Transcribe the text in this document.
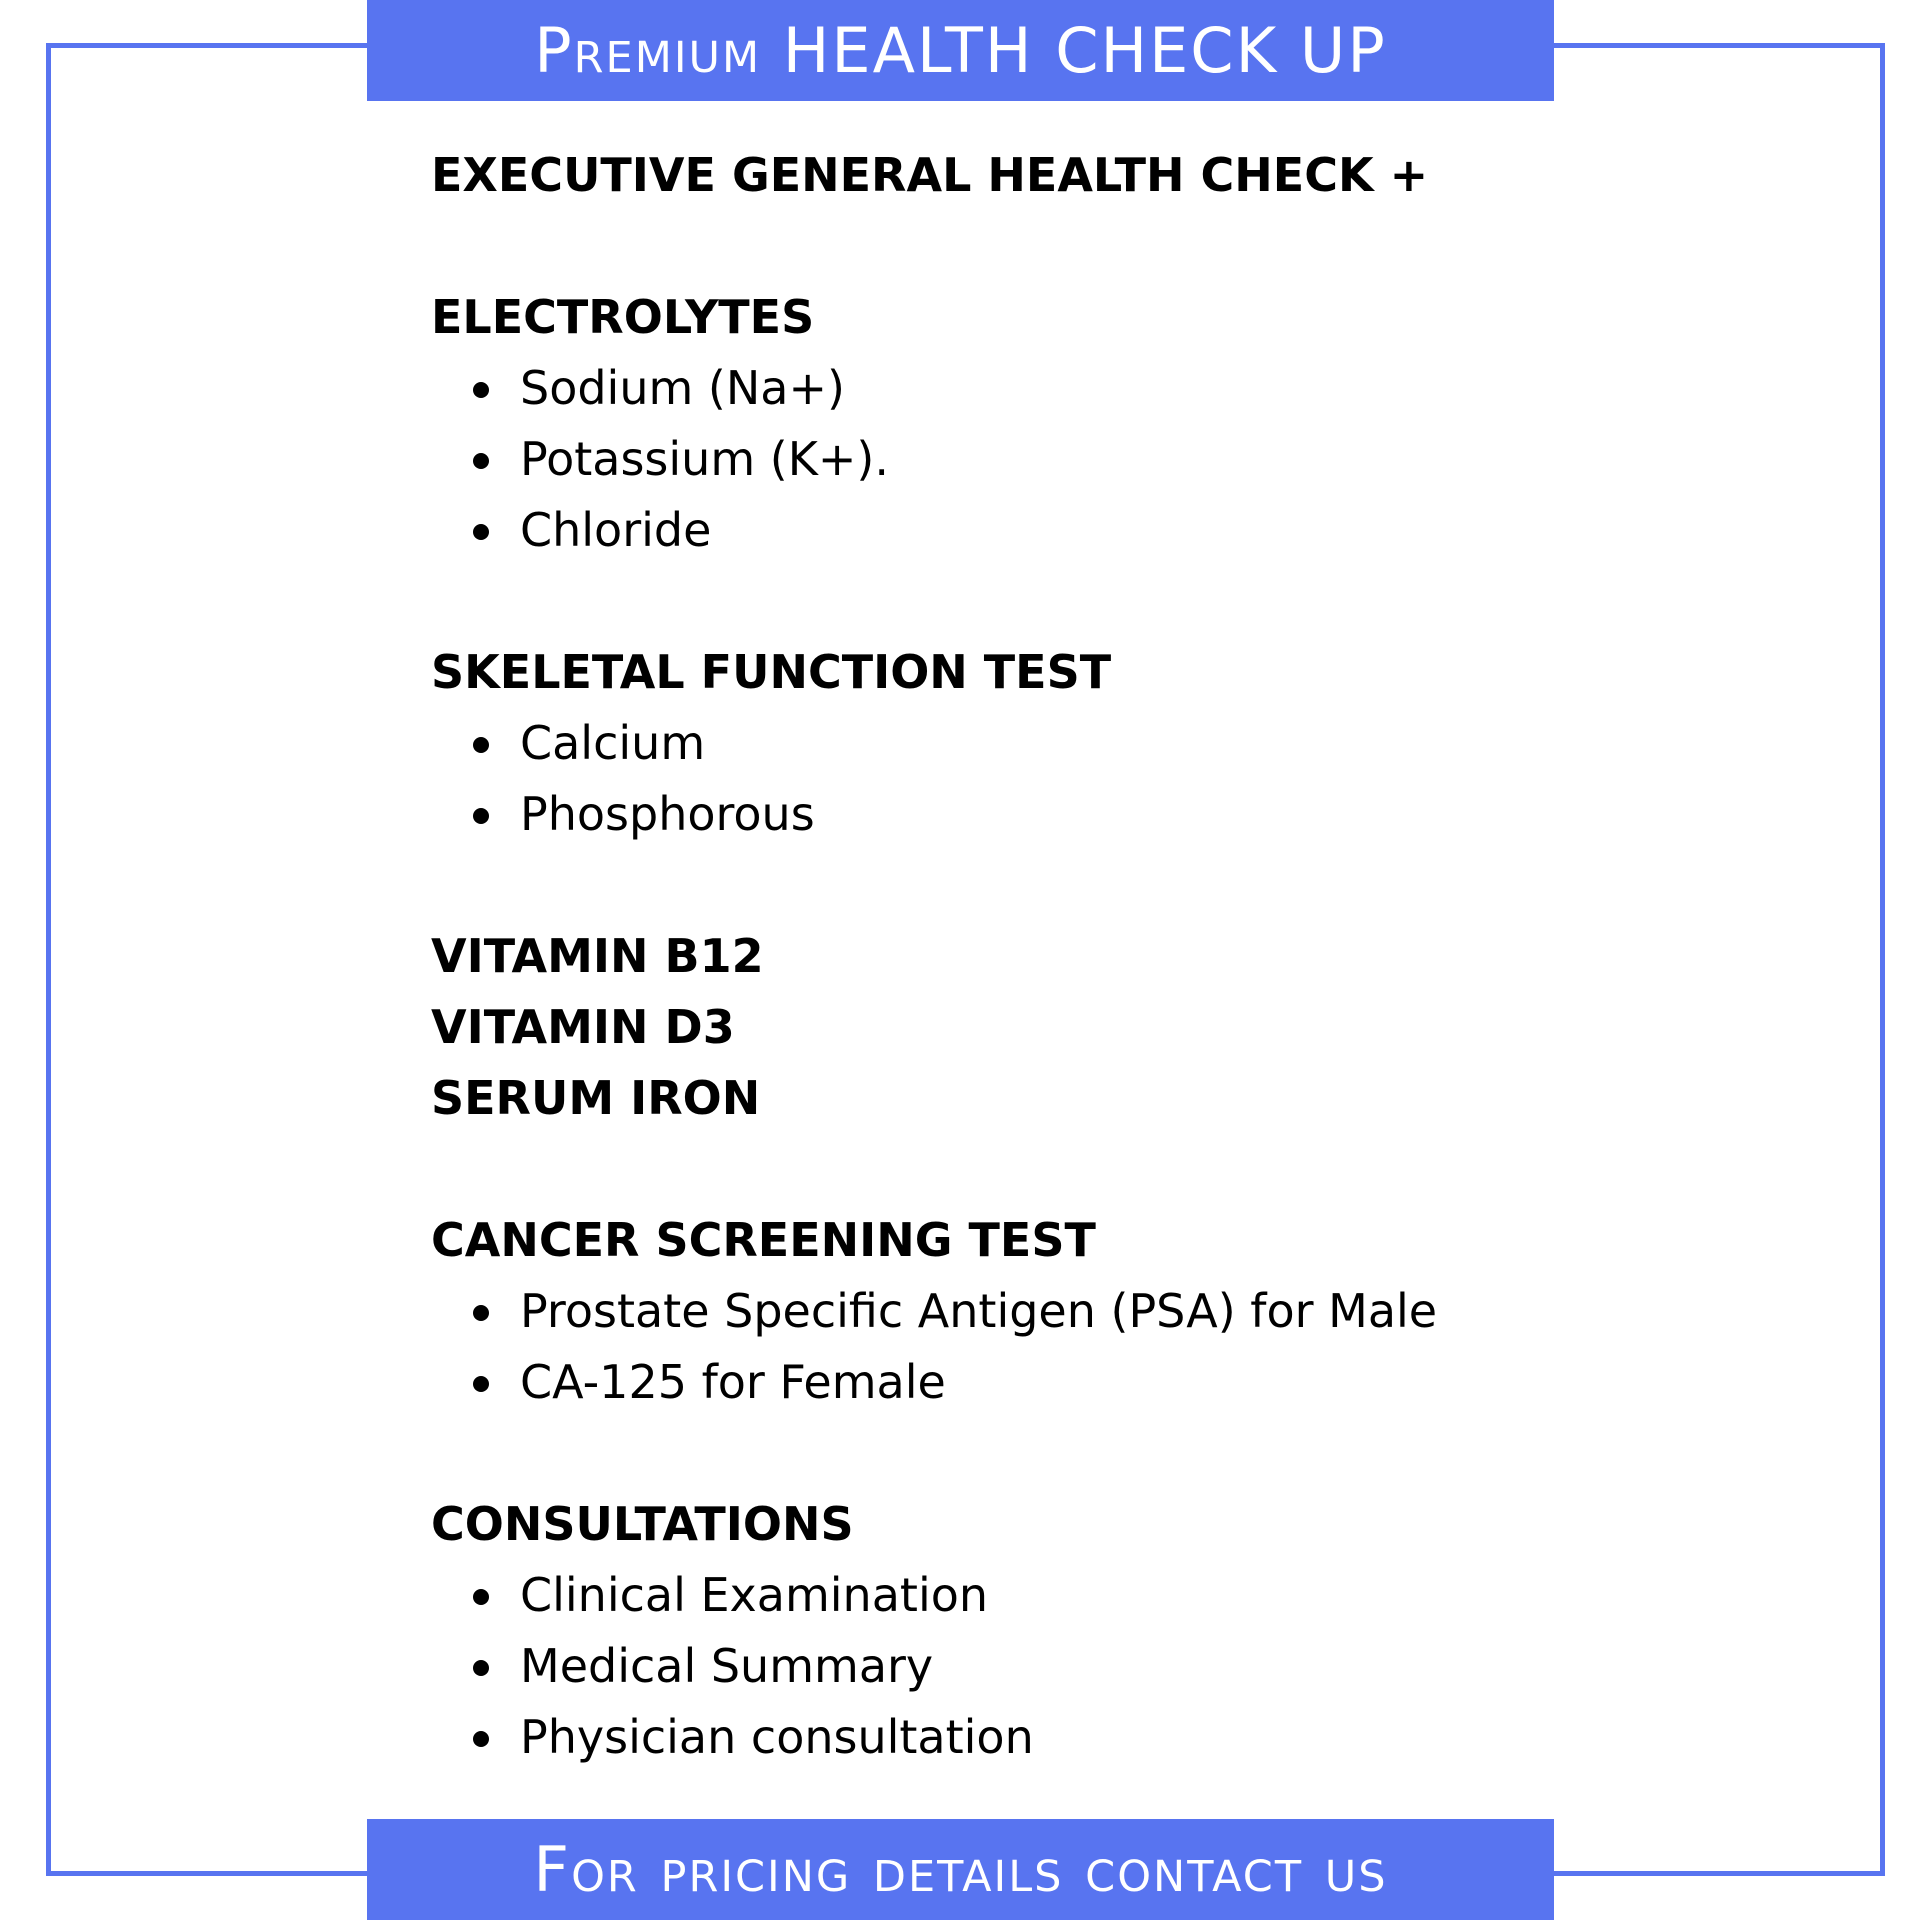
Premium HEALTH CHECK UP
EXECUTIVE GENERAL HEALTH CHECK +
ELECTROLYTES
Sodium (Na+)
Potassium (K+).
Chloride
SKELETAL FUNCTION TEST
Calcium
Phosphorous
VITAMIN B12
VITAMIN D3
SERUM IRON
CANCER SCREENING TEST
Prostate Specific Antigen (PSA) for Male
CA-125 for Female
CONSULTATIONS
Clinical Examination
Medical Summary
Physician consultation
For pricing details contact us
